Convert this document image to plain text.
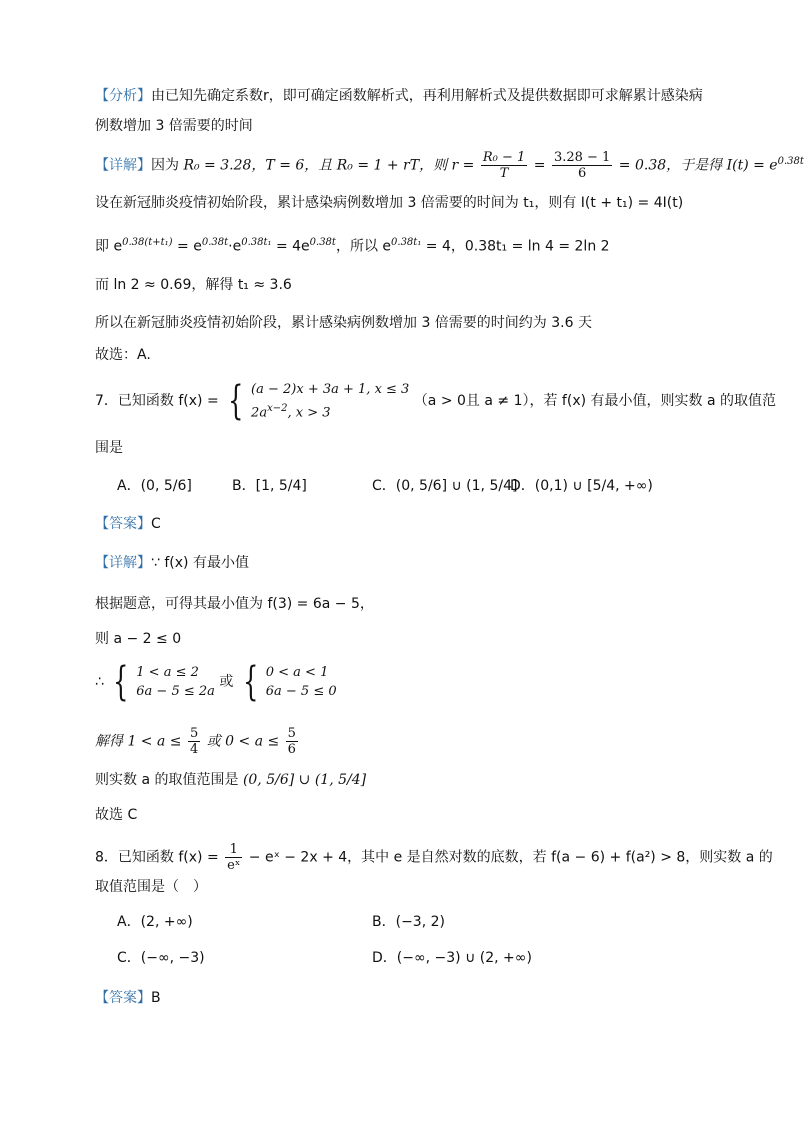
【分析】由已知先确定系数r，即可确定函数解析式，再利用解析式及提供数据即可求解累计感染病
例数增加 3 倍需要的时间
【详解】因为 R₀ = 3.28，T = 6，且 R₀ = 1 + rT，则 $r = \frac{\text{R₀ − 1}}{T} = \frac{3.28 - 1}{6} = 0.38$，于是得 $I(t) = e^{0.38t}$
设在新冠肺炎疫情初始阶段，累计感染病例数增加 3 倍需要的时间为 t₁，则有 I(t + t₁) = 4I(t)
即 $e^{0.38(t+t_1)} = e^{0.38t}\cdot e^{0.38t_1} = 4e^{0.38t}$，所以 $e^{0.38t_1} = 4$，0.38t₁ = ln 4 = 2ln 2
而 ln 2 ≈ 0.69，解得 t₁ ≈ 3.6
所以在新冠肺炎疫情初始阶段，累计感染病例数增加 3 倍需要的时间约为 3.6 天
故选：A.
7．已知函数 f(x) = { (a − 2)x + 3a + 1, x ≤ 3
$2a^{x-2}$, x > 3
（a > 0且 a ≠ 1），若 f(x) 有最小值，则实数 a 的取值范
围是
A．(0, 5/6]	B．[1, 5/4]	C．(0, 5/6] ∪ (1, 5/4]
D．(0,1) ∪ [5/4, +∞)
【答案】C
【详解】∵ f(x) 有最小值
根据题意，可得其最小值为 f(3) = 6a − 5，
则 a − 2 ≤ 0
∴ { 1 < a ≤ 2
6a − 5 ≤ 2a
或 { 0 < a < 1
6a − 5 ≤ 0
解得 $1 < a \le \frac{5}{4}$ 或 $0 < a \le \frac{5}{6}$
则实数 a 的取值范围是 (0, 5/6] ∪ (1, 5/4]
故选 C
8．已知函数 $f(x) = \frac{1}{\text{eˣ}}$ − eˣ − 2x + 4，其中 e 是自然对数的底数，若 f(a − 6) + f(a²) > 8，则实数 a 的
取值范围是（　）
A．(2, +∞)	B．(−3, 2)
C．(−∞, −3)	D．(−∞, −3) ∪ (2, +∞)
【答案】B
